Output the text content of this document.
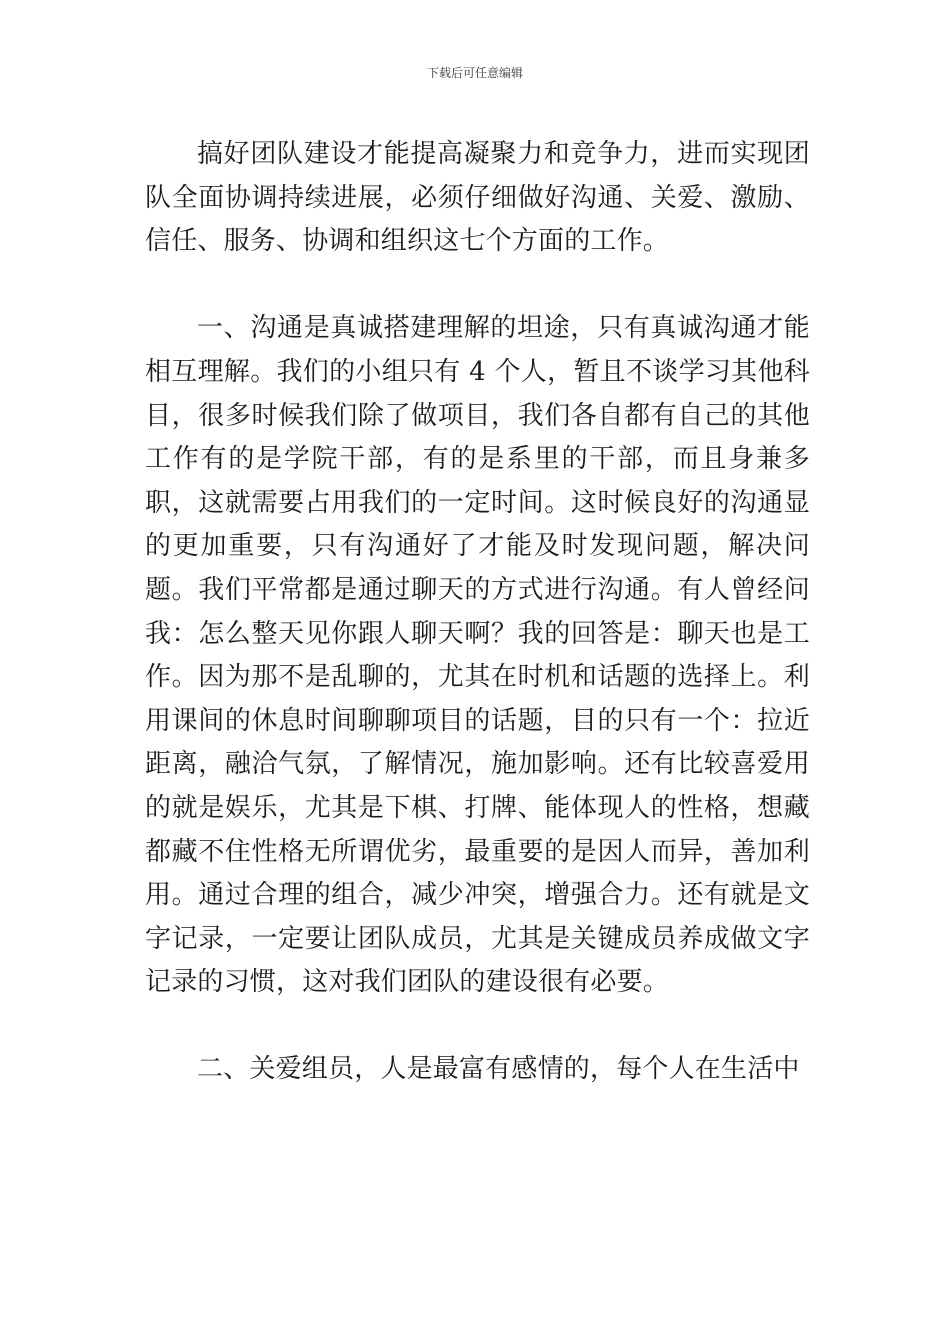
下载后可任意编辑

搞好团队建设才能提高凝聚力和竞争力，进而实现团队全面协调持续进展，必须仔细做好沟通、关爱、激励、信任、服务、协调和组织这七个方面的工作。

一、沟通是真诚搭建理解的坦途，只有真诚沟通才能相互理解。我们的小组只有 4 个人，暂且不谈学习其他科目，很多时候我们除了做项目，我们各自都有自己的其他工作有的是学院干部，有的是系里的干部，而且身兼多职，这就需要占用我们的一定时间。这时候良好的沟通显的更加重要，只有沟通好了才能及时发现问题，解决问题。我们平常都是通过聊天的方式进行沟通。有人曾经问我：怎么整天见你跟人聊天啊？我的回答是：聊天也是工作。因为那不是乱聊的，尤其在时机和话题的选择上。利用课间的休息时间聊聊项目的话题，目的只有一个：拉近距离，融洽气氛，了解情况，施加影响。还有比较喜爱用的就是娱乐，尤其是下棋、打牌、能体现人的性格，想藏都藏不住性格无所谓优劣，最重要的是因人而异，善加利用。通过合理的组合，减少冲突，增强合力。还有就是文字记录，一定要让团队成员，尤其是关键成员养成做文字记录的习惯，这对我们团队的建设很有必要。

二、关爱组员，人是最富有感情的，每个人在生活中
